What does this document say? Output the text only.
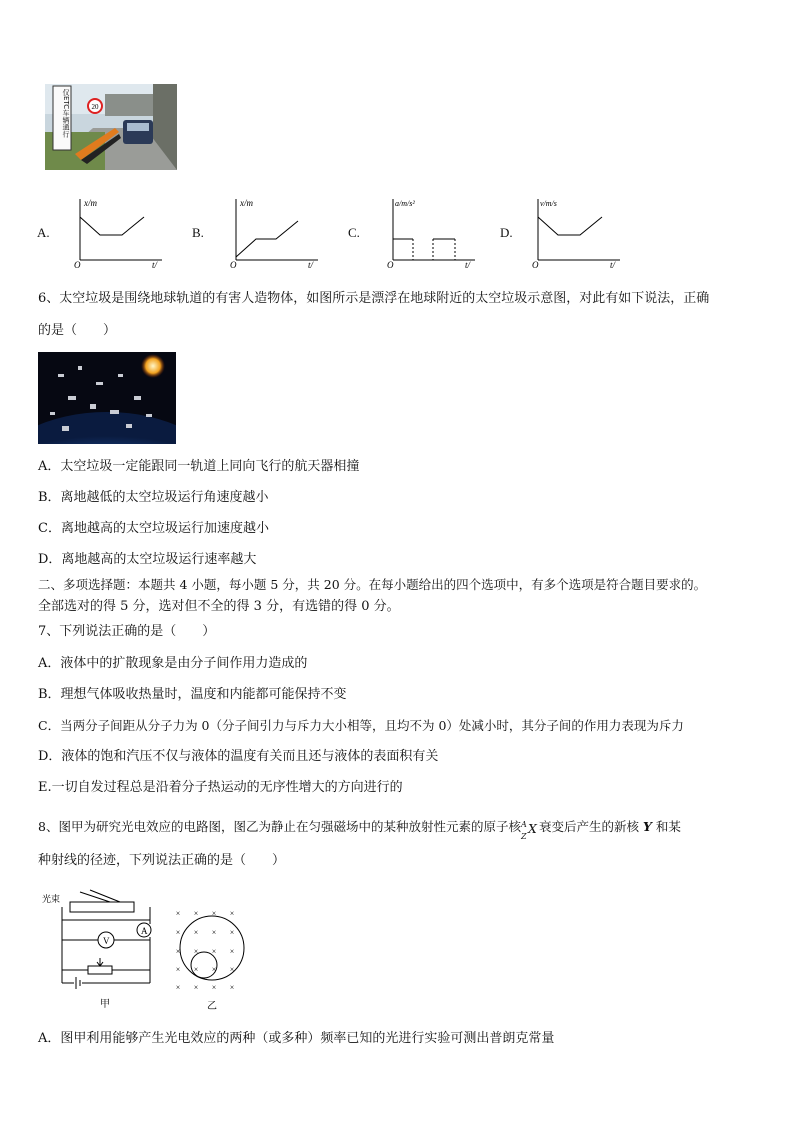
20
仅ETC车辆通行
A.
x/m
O	t/
B.
x/m
O	t/
C.
a/m/s²
O	t/
D.
v/m/s
O	t/
6、太空垃圾是围绕地球轨道的有害人造物体，如图所示是漂浮在地球附近的太空垃圾示意图，对此有如下说法，正确
的是（　　）
A．太空垃圾一定能跟同一轨道上同向飞行的航天器相撞
B．离地越低的太空垃圾运行角速度越小
C．离地越高的太空垃圾运行加速度越小
D．离地越高的太空垃圾运行速率越大
二、多项选择题：本题共 4 小题，每小题 5 分，共 20 分。在每小题给出的四个选项中，有多个选项是符合题目要求的。
全部选对的得 5 分，选对但不全的得 3 分，有选错的得 0 分。
7、下列说法正确的是（　　）
A．液体中的扩散现象是由分子间作用力造成的
B．理想气体吸收热量时，温度和内能都可能保持不变
C．当两分子间距从分子力为 0（分子间引力与斥力大小相等，且均不为 0）处减小时，其分子间的作用力表现为斥力
D．液体的饱和汽压不仅与液体的温度有关而且还与液体的表面积有关
E.一切自发过程总是沿着分子热运动的无序性增大的方向进行的
8、图甲为研究光电效应的电路图，图乙为静止在匀强磁场中的某种放射性元素的原子核 A
Z
X 衰变后产生的新核 Y 和某
种射线的径迹，下列说法正确的是（　　）
光束
V
A
甲
× × × ×
× × × ×
× × × ×
× × × ×
× × × ×
乙
A．图甲利用能够产生光电效应的两种（或多种）频率已知的光进行实验可测出普朗克常量
